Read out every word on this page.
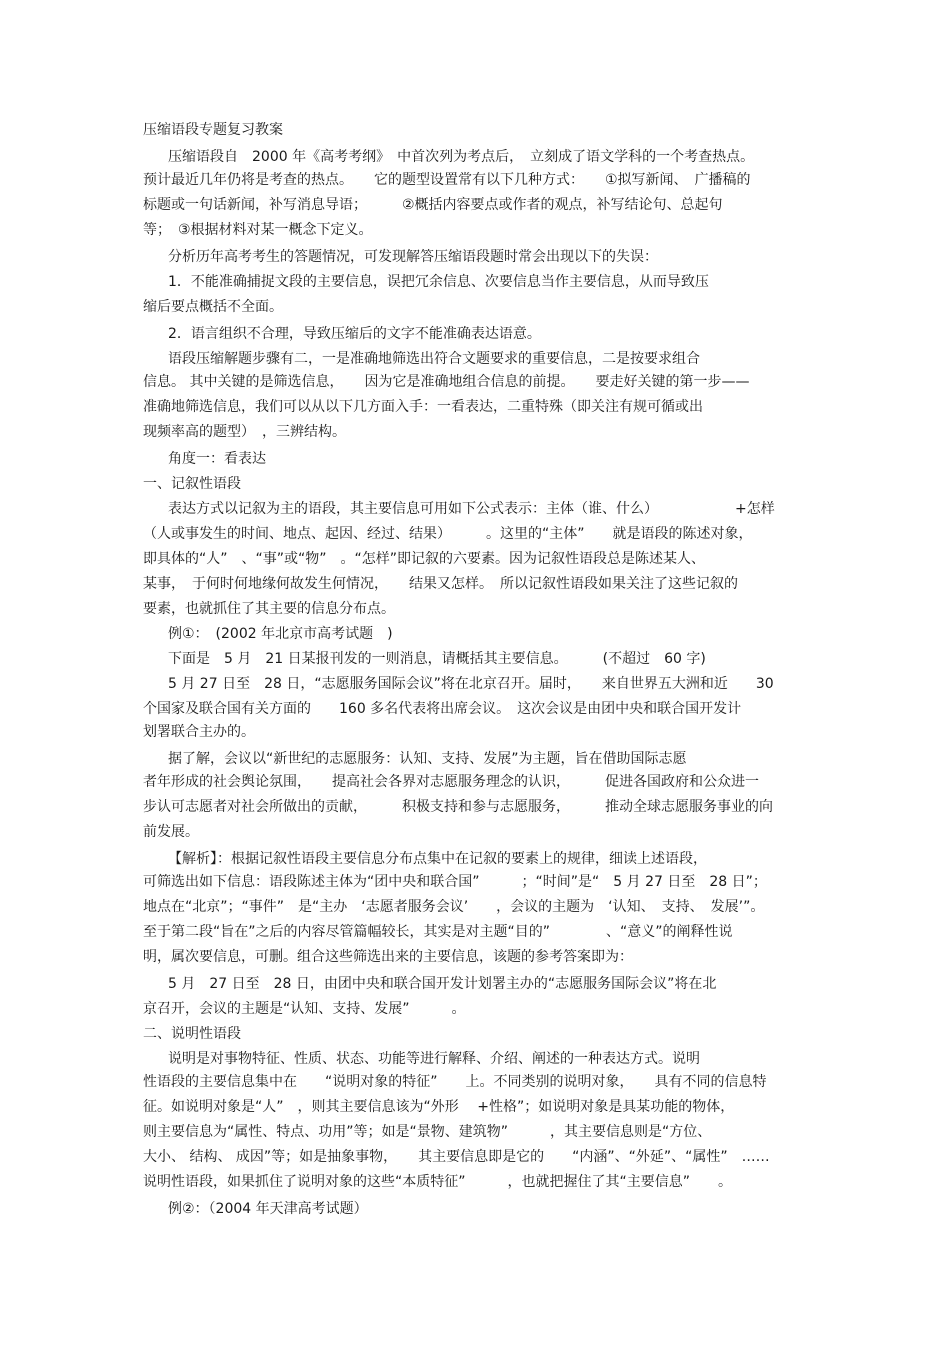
压缩语段专题复习教案
压缩语段自　2000 年《高考考纲》　中首次列为考点后，　立刻成了语文学科的一个考查热点。
预计最近几年仍将是考查的热点。　　它的题型设置常有以下几种方式：　　①拟写新闻、　广播稿的
标题或一句话新闻，补写消息导语；　　　②概括内容要点或作者的观点，补写结论句、总起句
等；　③根据材料对某一概念下定义。
分析历年高考考生的答题情况，可发现解答压缩语段题时常会出现以下的失误：
1．不能准确捕捉文段的主要信息，误把冗余信息、次要信息当作主要信息，从而导致压
缩后要点概括不全面。
2．语言组织不合理，导致压缩后的文字不能准确表达语意。
语段压缩解题步骤有二，一是准确地筛选出符合文题要求的重要信息，二是按要求组合
信息。 其中关键的是筛选信息，　　因为它是准确地组合信息的前提。　　要走好关键的第一步——
准确地筛选信息，我们可以从以下几方面入手：一看表达，二重特殊（即关注有规可循或出
现频率高的题型）　，三辨结构。
角度一：看表达
一、记叙性语段
表达方式以记叙为主的语段，其主要信息可用如下公式表示：主体（谁、什么）　　　　　　+怎样
（人或事发生的时间、地点、起因、经过、结果）　　　。这里的“主体”　　就是语段的陈述对象，
即具体的“人”　、“事”或“物”　。“怎样”即记叙的六要素。因为记叙性语段总是陈述某人、
某事，　于何时何地缘何故发生何情况，　　结果又怎样。　所以记叙性语段如果关注了这些记叙的
要素，也就抓住了其主要的信息分布点。
例①：　(2002 年北京市高考试题　)
下面是　5 月　21 日某报刊发的一则消息，请概括其主要信息。　　　(不超过　60 字)
5 月 27 日至　28 日，“志愿服务国际会议”将在北京召开。届时，　　来自世界五大洲和近　　30
个国家及联合国有关方面的　　160 多名代表将出席会议。　这次会议是由团中央和联合国开发计
划署联合主办的。
据了解，会议以“新世纪的志愿服务：认知、支持、发展”为主题，旨在借助国际志愿
者年形成的社会舆论氛围，　　提高社会各界对志愿服务理念的认识，　　　促进各国政府和公众进一
步认可志愿者对社会所做出的贡献，　　　积极支持和参与志愿服务，　　　推动全球志愿服务事业的向
前发展。
【解析】：根据记叙性语段主要信息分布点集中在记叙的要素上的规律，细读上述语段，
可筛选出如下信息：语段陈述主体为“团中央和联合国”　　　；“时间”是“　5 月 27 日至　28 日”；
地点在“北京”；“事件”　是“主办　‘志愿者服务会议’　　，会议的主题为　‘认知、　支持、　发展’”。
至于第二段“旨在”之后的内容尽管篇幅较长，其实是对主题“目的”　　　　、“意义”的阐释性说
明，属次要信息，可删。组合这些筛选出来的主要信息，该题的参考答案即为：
5 月　27 日至　28 日，由团中央和联合国开发计划署主办的“志愿服务国际会议”将在北
京召开，会议的主题是“认知、支持、发展”　　　。
二、说明性语段
说明是对事物特征、性质、状态、功能等进行解释、介绍、阐述的一种表达方式。说明
性语段的主要信息集中在　　“说明对象的特征”　　上。不同类别的说明对象，　　具有不同的信息特
征。如说明对象是“人”　，则其主要信息该为“外形　 +性格”；如说明对象是具某功能的物体，
则主要信息为“属性、特点、功用”等；如是“景物、建筑物”　　　，其主要信息则是“方位、
大小、 结构、 成因”等；如是抽象事物，　　其主要信息即是它的　　“内涵”、“外延”、“属性”　……
说明性语段，如果抓住了说明对象的这些“本质特征”　　　，也就把握住了其“主要信息”　　。
例②：（2004 年天津高考试题）
